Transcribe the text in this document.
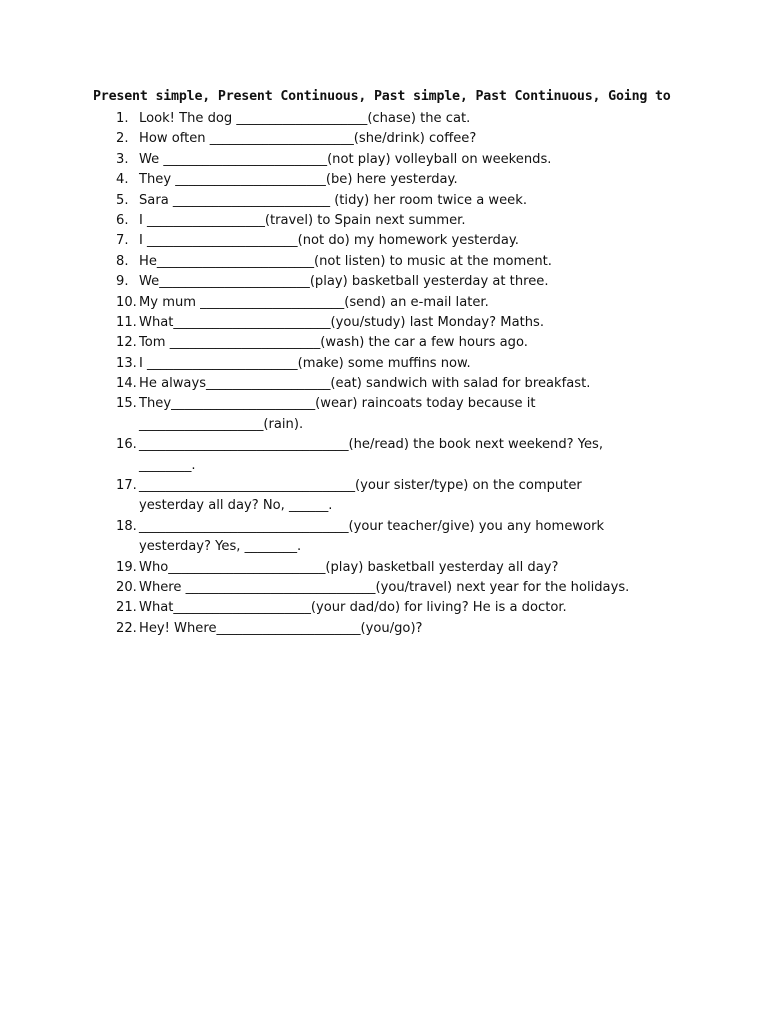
Present simple, Present Continuous, Past simple, Past Continuous, Going to
1. Look! The dog ____________________(chase) the cat.
2. How often ______________________(she/drink) coffee?
3. We _________________________(not play) volleyball on weekends.
4. They _______________________(be) here yesterday.
5. Sara ________________________ (tidy) her room twice a week.
6. I __________________(travel) to Spain next summer.
7. I _______________________(not do) my homework yesterday.
8. He________________________(not listen) to music at the moment.
9. We_______________________(play) basketball yesterday at three.
10. My mum ______________________(send) an e-mail later.
11. What________________________(you/study) last Monday? Maths.
12. Tom _______________________(wash) the car a few hours ago.
13. I _______________________(make) some muffins now.
14. He always___________________(eat) sandwich with salad for breakfast.
15. They______________________(wear) raincoats today because it
___________________(rain).
16. ________________________________(he/read) the book next weekend? Yes,
________.
17. _________________________________(your sister/type) on the computer
yesterday all day? No, ______.
18. ________________________________(your teacher/give) you any homework
yesterday? Yes, ________.
19. Who________________________(play) basketball yesterday all day?
20. Where _____________________________(you/travel) next year for the holidays.
21. What_____________________(your dad/do) for living? He is a doctor.
22. Hey! Where______________________(you/go)?
